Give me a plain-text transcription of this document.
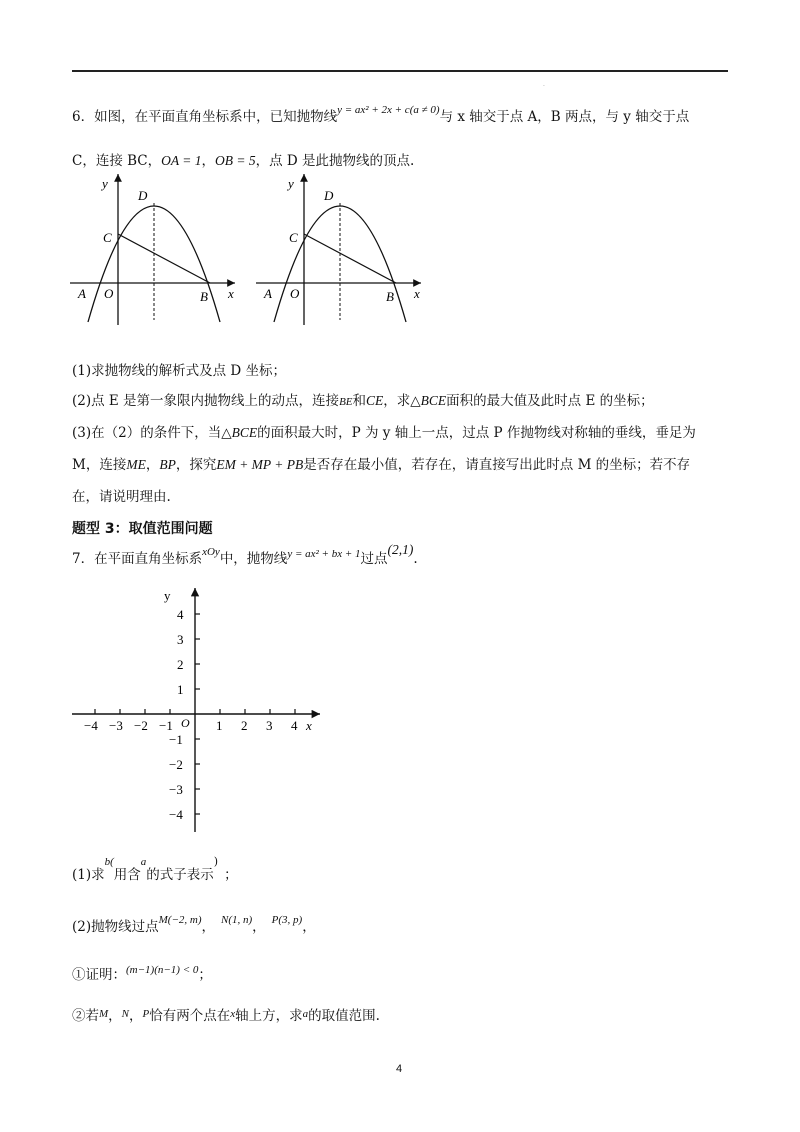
·
6．如图，在平面直角坐标系中，已知抛物线$^{y = ax^2 + 2x + c(a \ne 0)}$与 x 轴交于点 A，B 两点，与 y 轴交于点
C，连接 BC，OA = 1，OB = 5，点 D 是此抛物线的顶点.
y
x
D
C
A O	B
y
x
D
C
A O	B
(1)求抛物线的解析式及点 D 坐标；
(2)点 E 是第一象限内抛物线上的动点，连接BE和CE，求△BCE面积的最大值及此时点 E 的坐标；
(3)在（2）的条件下，当△BCE的面积最大时，P 为 y 轴上一点，过点 P 作抛物线对称轴的垂线，垂足为
M，连接ME，BP，探究EM + MP + PB是否存在最小值，若存在，请直接写出此时点 M 的坐标；若不存
在，请说明理由.
题型 3：取值范围问题
7．在平面直角坐标系$^{xOy}$中，抛物线$^{y = ax^2 + bx + 1}$过点(2,1).
−4 −3 −2 −1	1 2 3 4
4
3
2
1
−1
−2
−3
−4
y
x
O
(1)求$^{b(}$用含$^a$的式子表示)；
(2)抛物线过点M(−2, m)， N(1, n)， P(3, p)，
①证明：(m−1)(n−1) < 0；
②若$^M$，$^N$，$^P$恰有两个点在$^x$轴上方，求$^a$的取值范围.
4
